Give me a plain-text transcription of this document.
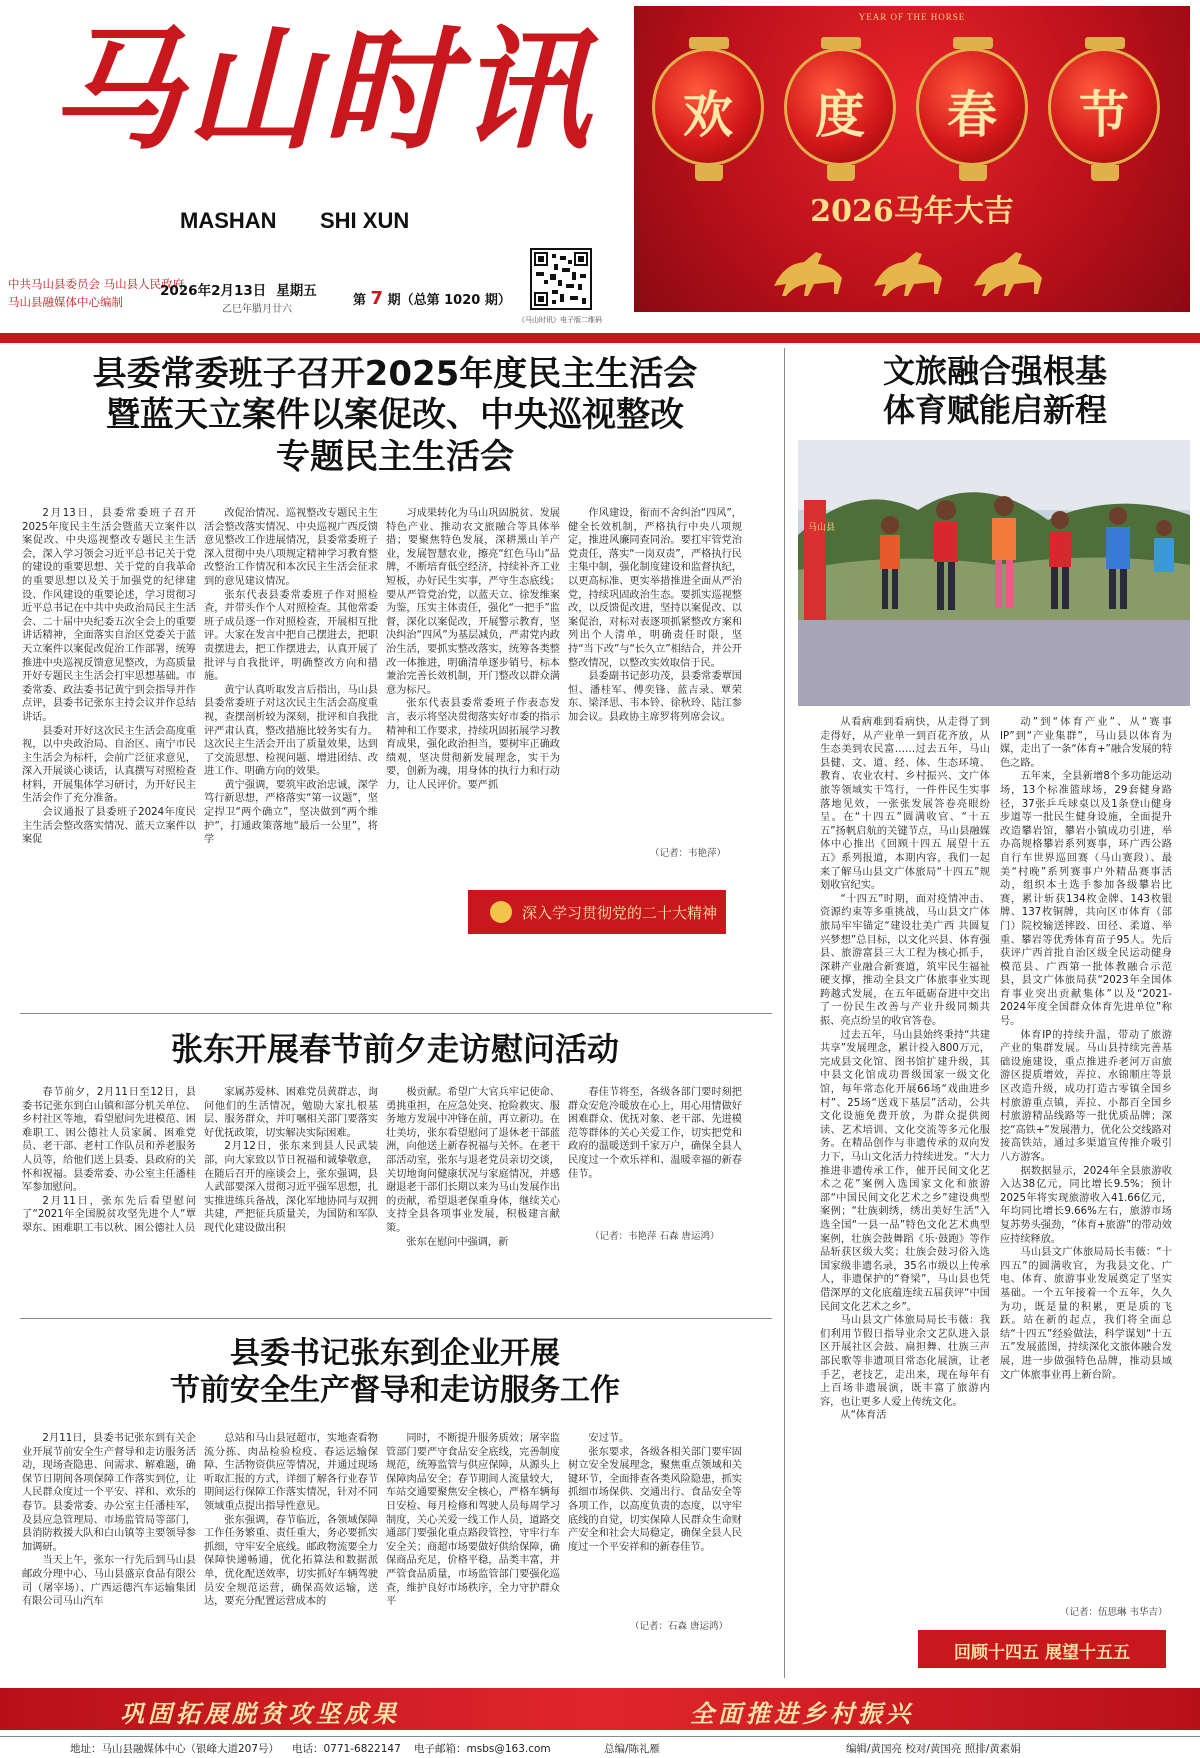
马山时讯
MASHAN SHI XUN
中共马山县委员会 马山县人民政府
马山县融媒体中心编制
2026年2月13日 星期五
乙巳年腊月廿六
第 7 期（总第 1020 期）
《马山时讯》电子版二维码
YEAR OF THE HORSE
欢	度	春	节
2026马年大吉
县委常委班子召开2025年度民主生活会
暨蓝天立案件以案促改、中央巡视整改
专题民主生活会
2月13日，县委常委班子召开2025年度民主生活会暨蓝天立案件以案促改、中央巡视整改专题民主生活会，深入学习领会习近平总书记关于党的建设的重要思想、关于党的自我革命的重要思想以及关于加强党的纪律建设、作风建设的重要论述，学习贯彻习近平总书记在中共中央政治局民主生活会、二十届中央纪委五次全会上的重要讲话精神，全面落实自治区党委关于蓝天立案件以案促改促治工作部署，统筹推进中央巡视反馈意见整改，为高质量开好专题民主生活会打牢思想基础。市委常委、政法委书记黄宁到会指导并作点评，县委书记张东主持会议并作总结讲话。
县委对开好这次民主生活会高度重视，以中央政治局、自治区、南宁市民主生活会为标杆，会前广泛征求意见，深入开展谈心谈话，认真撰写对照检查材料，开展集体学习研讨，为开好民主生活会作了充分准备。
会议通报了县委班子2024年度民主生活会整改落实情况、蓝天立案件以案促
改促治情况、巡视整改专题民主生活会整改落实情况、中央巡视广西反馈意见整改工作进展情况，县委常委班子深入贯彻中央八项规定精神学习教育整改整治工作情况和本次民主生活会征求到的意见建议情况。
张东代表县委常委班子作对照检查，并带头作个人对照检查。其他常委班子成员逐一作对照检查，开展相互批评。大家在发言中把自己摆进去，把职责摆进去，把工作摆进去，认真开展了批评与自我批评，明确整改方向和措施。
黄宁认真听取发言后指出，马山县县委常委班子对这次民主生活会高度重视，查摆剖析较为深刻，批评和自我批评严肃认真，整改措施比较务实有力。这次民主生活会开出了质量效果，达到了交流思想、检视问题、增进团结、改进工作、明确方向的效果。
黄宁强调，要筑牢政治忠诚，深学笃行新思想，严格落实“第一议题”，坚定捍卫“两个确立”，坚决做到“两个维护”，打通政策落地“最后一公里”，将学
习成果转化为马山巩固脱贫、发展特色产业、推动农文旅融合等具体举措；要聚焦特色发展，深耕黑山羊产业，发展智慧农业，擦亮“红色马山”品牌，不断培育低空经济，持续补齐工业短板，办好民生实事，严守生态底线；要从严管党治党，以蓝天立、徐发维案为鉴，压实主体责任，强化“一把手”监督，深化以案促改，开展警示教育，坚决纠治“四风”为基层减负，严肃党内政治生活，要抓实整改落实，统筹各类整改一体推进，明确清单逐步销号，标本兼治完善长效机制，开门整改以群众满意为标尺。
张东代表县委常委班子作表态发言，表示将坚决贯彻落实好市委的指示精神和工作要求，持续巩固拓展学习教育成果，强化政治担当，要树牢正确政绩观，坚决贯彻新发展理念，实干为要，创新为魂，用身体的执行力和行动力，让人民评价。要严抓
作风建设，衔而不舍纠治“四风”，健全长效机制，严格执行中央八项规定，推进风廉同查同治。要扛牢管党治党责任，落实“一岗双责”，严格执行民主集中制，强化制度建设和监督执纪，以更高标准、更实举措推进全面从严治党，持续巩固政治生态。要抓实巡视整改，以反馈促改进，坚持以案促改、以案促治，对标对表逐项抓紧整改方案和列出个人清单，明确责任时限，坚持“当下改”与“长久立”相结合，并公开整改情况，以整改实效取信于民。
县委副书记彭功茂，县委常委覃国恒、潘桂军、傅奕锋、蓝吉录、覃荣东、梁泽思、韦本铃、徐秋玲、陆江参加会议。县政协主席罗将列席会议。
（记者：韦艳萍）
深入学习贯彻党的二十大精神
张东开展春节前夕走访慰问活动
春节前夕，2月11日至12日，县委书记张东到白山镇和部分机关单位、乡村社区等地，看望慰问先进模范、困难职工、困公德社人员家属、困难党员、老干部、老村工作队员和养老服务人员等，给他们送上县委、县政府的关怀和祝福。县委常委、办公室主任潘桂军参加慰问。
2月11日，张东先后看望慰问了“2021年全国脱贫攻坚先进个人”覃翠东、困难职工韦以秋、困公德社人员
家属苏爱林、困难党员黄群志，询问他们的生活情况，勉励大家扎根基层、服务群众，并叮嘱相关部门要落实好优抚政策，切实解决实际困难。
2月12日，张东来到县人民武装部，向大家致以节日祝福和诚挚敬意，在随后召开的座谈会上，张东强调，县人武部要深入贯彻习近平强军思想，扎实推进练兵备战，深化军地协同与双拥共建，严把征兵质量关，为国防和军队现代化建设做出积
极贡献。希望广大官兵牢记使命、勇挑重担，在应急处突、抢险救灾、服务地方发展中冲锋在前，再立新功。在壮美坊，张东看望慰问了退休老干部蓝洲，向他送上新春祝福与关怀。在老干部活动室，张东与退老党员亲切交谈，关切地询问健康状况与家庭情况，并感谢退老干部们长期以来为马山发展作出的贡献，希望退老保重身体，继续关心支持全县各项事业发展，积极建言献策。
张东在慰问中强调，新
春佳节将至，各级各部门要时刻把群众安危冷暖放在心上，用心用情做好困难群众、优抚对象、老干部、先进模范等群体的关心关爱工作，切实把党和政府的温暖送到千家万户，确保全县人民度过一个欢乐祥和、温暖幸福的新春佳节。
（记者：韦艳萍 石森 唐运鸿）
县委书记张东到企业开展
节前安全生产督导和走访服务工作
2月11日，县委书记张东到有关企业开展节前安全生产督导和走访服务活动，现场查隐患、问需求、解难题，确保节日期间各项保障工作落实到位，让人民群众度过一个平安、祥和、欢乐的春节。县委常委、办公室主任潘桂军，及县应急管理局、市场监管局等部门，县消防救援大队和白山镇等主要领导参加调研。
当天上午，张东一行先后到马山县邮政分理中心、马山县盛京食品有限公司（屠宰场）、广西运德汽车运输集团有限公司马山汽车
总站和马山县冠超市，实地查看物流分拣、肉品检验检疫、春运运输保障、生活物资供应等情况，并通过现场听取汇报的方式，详细了解各行业春节期间运行保障工作落实情况，针对不同领域重点提出指导性意见。
张东强调，春节临近，各领域保障工作任务繁重、责任重大，务必要抓实抓细，守牢安全底线。邮政物流要全力保障快递畅通，优化拓算法和数据派单，优化配送效率，切实抓好车辆驾驶员安全规范运营，确保高效运输，送达，要充分配置运营成本的
同时，不断提升服务质效；屠宰监管部门要严守食品安全底线，完善制度规范，统筹监管与供应保障，从源头上保障肉品安全；春节期间人流量较大，车站交通要聚焦安全核心，严格车辆每日安检、每月检修和驾驶人员每周学习制度，关心关爱一线工作人员，道路交通部门要强化重点路段管控，守牢行车安全关；商超市场要做好供给保障，确保商品充足，价格平稳，品类丰富，并严管食品质量，市场监管部门要强化巡查，维护良好市场秩序，全力守护群众平
安过节。
张东要求，各级各相关部门要牢固树立安全发展理念，聚焦重点领域和关键环节，全面排查各类风险隐患，抓实抓细市场保供、交通出行、食品安全等各项工作，以高度负责的态度，以守牢底线的自觉，切实保障人民群众生命财产安全和社会大局稳定，确保全县人民度过一个平安祥和的新春佳节。
（记者：石森 唐运鸿）
文旅融合强根基
体育赋能启新程
马山县
从看病难到看病快，从走得了到走得好，从产业单一到百花齐放，从生态美到农民富……过去五年，马山县健、文、道、经、体、生态环境、教育、农业农村、乡村振兴、文广体旅等领域实干笃行，一件件民生实事落地见效，一张张发展答卷亮眼纷呈。在“十四五”圆满收官、“十五五”扬帆启航的关键节点，马山县融媒体中心推出《回顾十四五 展望十五五》系列报道，本期内容，我们一起来了解马山县文广体旅局“十四五”规划收官纪实。
“十四五”时期，面对疫情冲击、资源约束等多重挑战，马山县文广体旅局牢牢锚定“建设壮美广西 共圆复兴梦想”总目标，以文化兴县、体育强县、旅游富县三大工程为核心抓手，深耕产业融合新赛道，筑牢民生福祉硬支撑，推动全县文广体旅事业实现跨越式发展，在五年砥砺奋进中交出了一份民生改善与产业升级同频共振、亮点纷呈的收官答卷。
过去五年，马山县始终秉持“共建共享”发展理念，累计投入800万元，完成县文化馆、图书馆扩建升级，其中县文化馆成功晋级国家一级文化馆，每年常态化开展66场“戏曲进乡村”、25场“送戏下基层”活动，公共文化设施免费开放，为群众提供阅读、艺术培训、文化交流等多元化服务。在精品创作与非遗传承的双向发力下，马山文化活力持续迸发。“大力推进非遗传承工作，催开民间文化艺术之花”案例入选国家文化和旅游部“中国民间文化艺术之乡”建设典型案例；“壮族刺绣，绣出美好生活”入选全国“一县一品”特色文化艺术典型案例，壮族会鼓舞蹈《乐·鼓跑》等作品斩获区级大奖；壮族会鼓习俗入选国家级非遗名录，35名市级以上传承人，非遗保护的“脊梁”，马山县也凭借深厚的文化底蕴连续五届获评“中国民间文化艺术之乡”。
马山县文广体旅局局长韦薇：我们利用节假日指导业余文艺队进入景区开展社区会鼓、扁担舞、壮族三声部民歌等非遗项目常态化展演，让老手艺，老技艺，走出来，现在每年有上百场非遗展演，既丰富了旅游内容，也让更多人爱上传统文化。
从“体育活
动”到“体育产业”、从“赛事IP”到“产业集群”，马山县以体育为媒，走出了一条“体育+”融合发展的特色之路。
五年来，全县新增8个多功能运动场，13个标准篮球场，29套健身路径，37张乒乓球桌以及1条登山健身步道等一批民生健身设施，全面提升改造攀岩馆，攀岩小镇成功引进，举办高规格攀岩系列赛事，环广西公路自行车世界巡回赛（马山赛段）、最美“村晚”系列赛事户外精品赛事活动，组织本土选手参加各级攀岩比赛，累计斩获134枚金牌、143枚银牌、137枚铜牌，共向区市体育（部门）院校输送摔跤、田径、柔道、举重、攀岩等优秀体育苗子95人。先后获评广西首批自治区级全民运动健身模范县、广西第一批体教融合示范县，县文广体旅局获“2023年全国体育事业突出贡献集体”以及“2021-2024年度全国群众体育先进单位”称号。
体育IP的持续升温，带动了旅游产业的集群发展。马山县持续完善基础设施建设，重点推进乔老河万亩旅游区提质增效，弄拉、水锦顺庄等景区改造升级，成功打造古零镇全国乡村旅游重点镇，弄拉、小都百全国乡村旅游精品线路等一批优质品牌；深挖“高铁+”发展潜力，优化公交线路对接高铁站，通过多渠道宣传推介吸引八方游客。
据数据显示，2024年全县旅游收入达38亿元，同比增长9.5%；预计2025年将实现旅游收入41.66亿元，年均同比增长9.66%左右，旅游市场复苏势头强劲，“体育+旅游”的带动效应持续释放。
马山县文广体旅局局长韦薇：“十四五”的圆满收官，为我县文化、广电、体育、旅游事业发展奠定了坚实基础。一个五年接着一个五年，久久为功，既是量的积累，更是质的飞跃。站在新的起点，我们将全面总结“十四五”经验做法，科学谋划“十五五”发展蓝图，持续深化文旅体融合发展，进一步做强特色品牌，推动县域文广体旅事业再上新台阶。
（记者：伍思琳 韦华吉）
回顾十四五 展望十五五
巩固拓展脱贫攻坚成果	全面推进乡村振兴
地址：马山县融媒体中心（银峰大道207号） 电话：0771-6822147 电子邮箱：msbs@163.com	总编/陈礼雁	编辑/黄国亮 校对/黄国亮 照排/黄素娟
